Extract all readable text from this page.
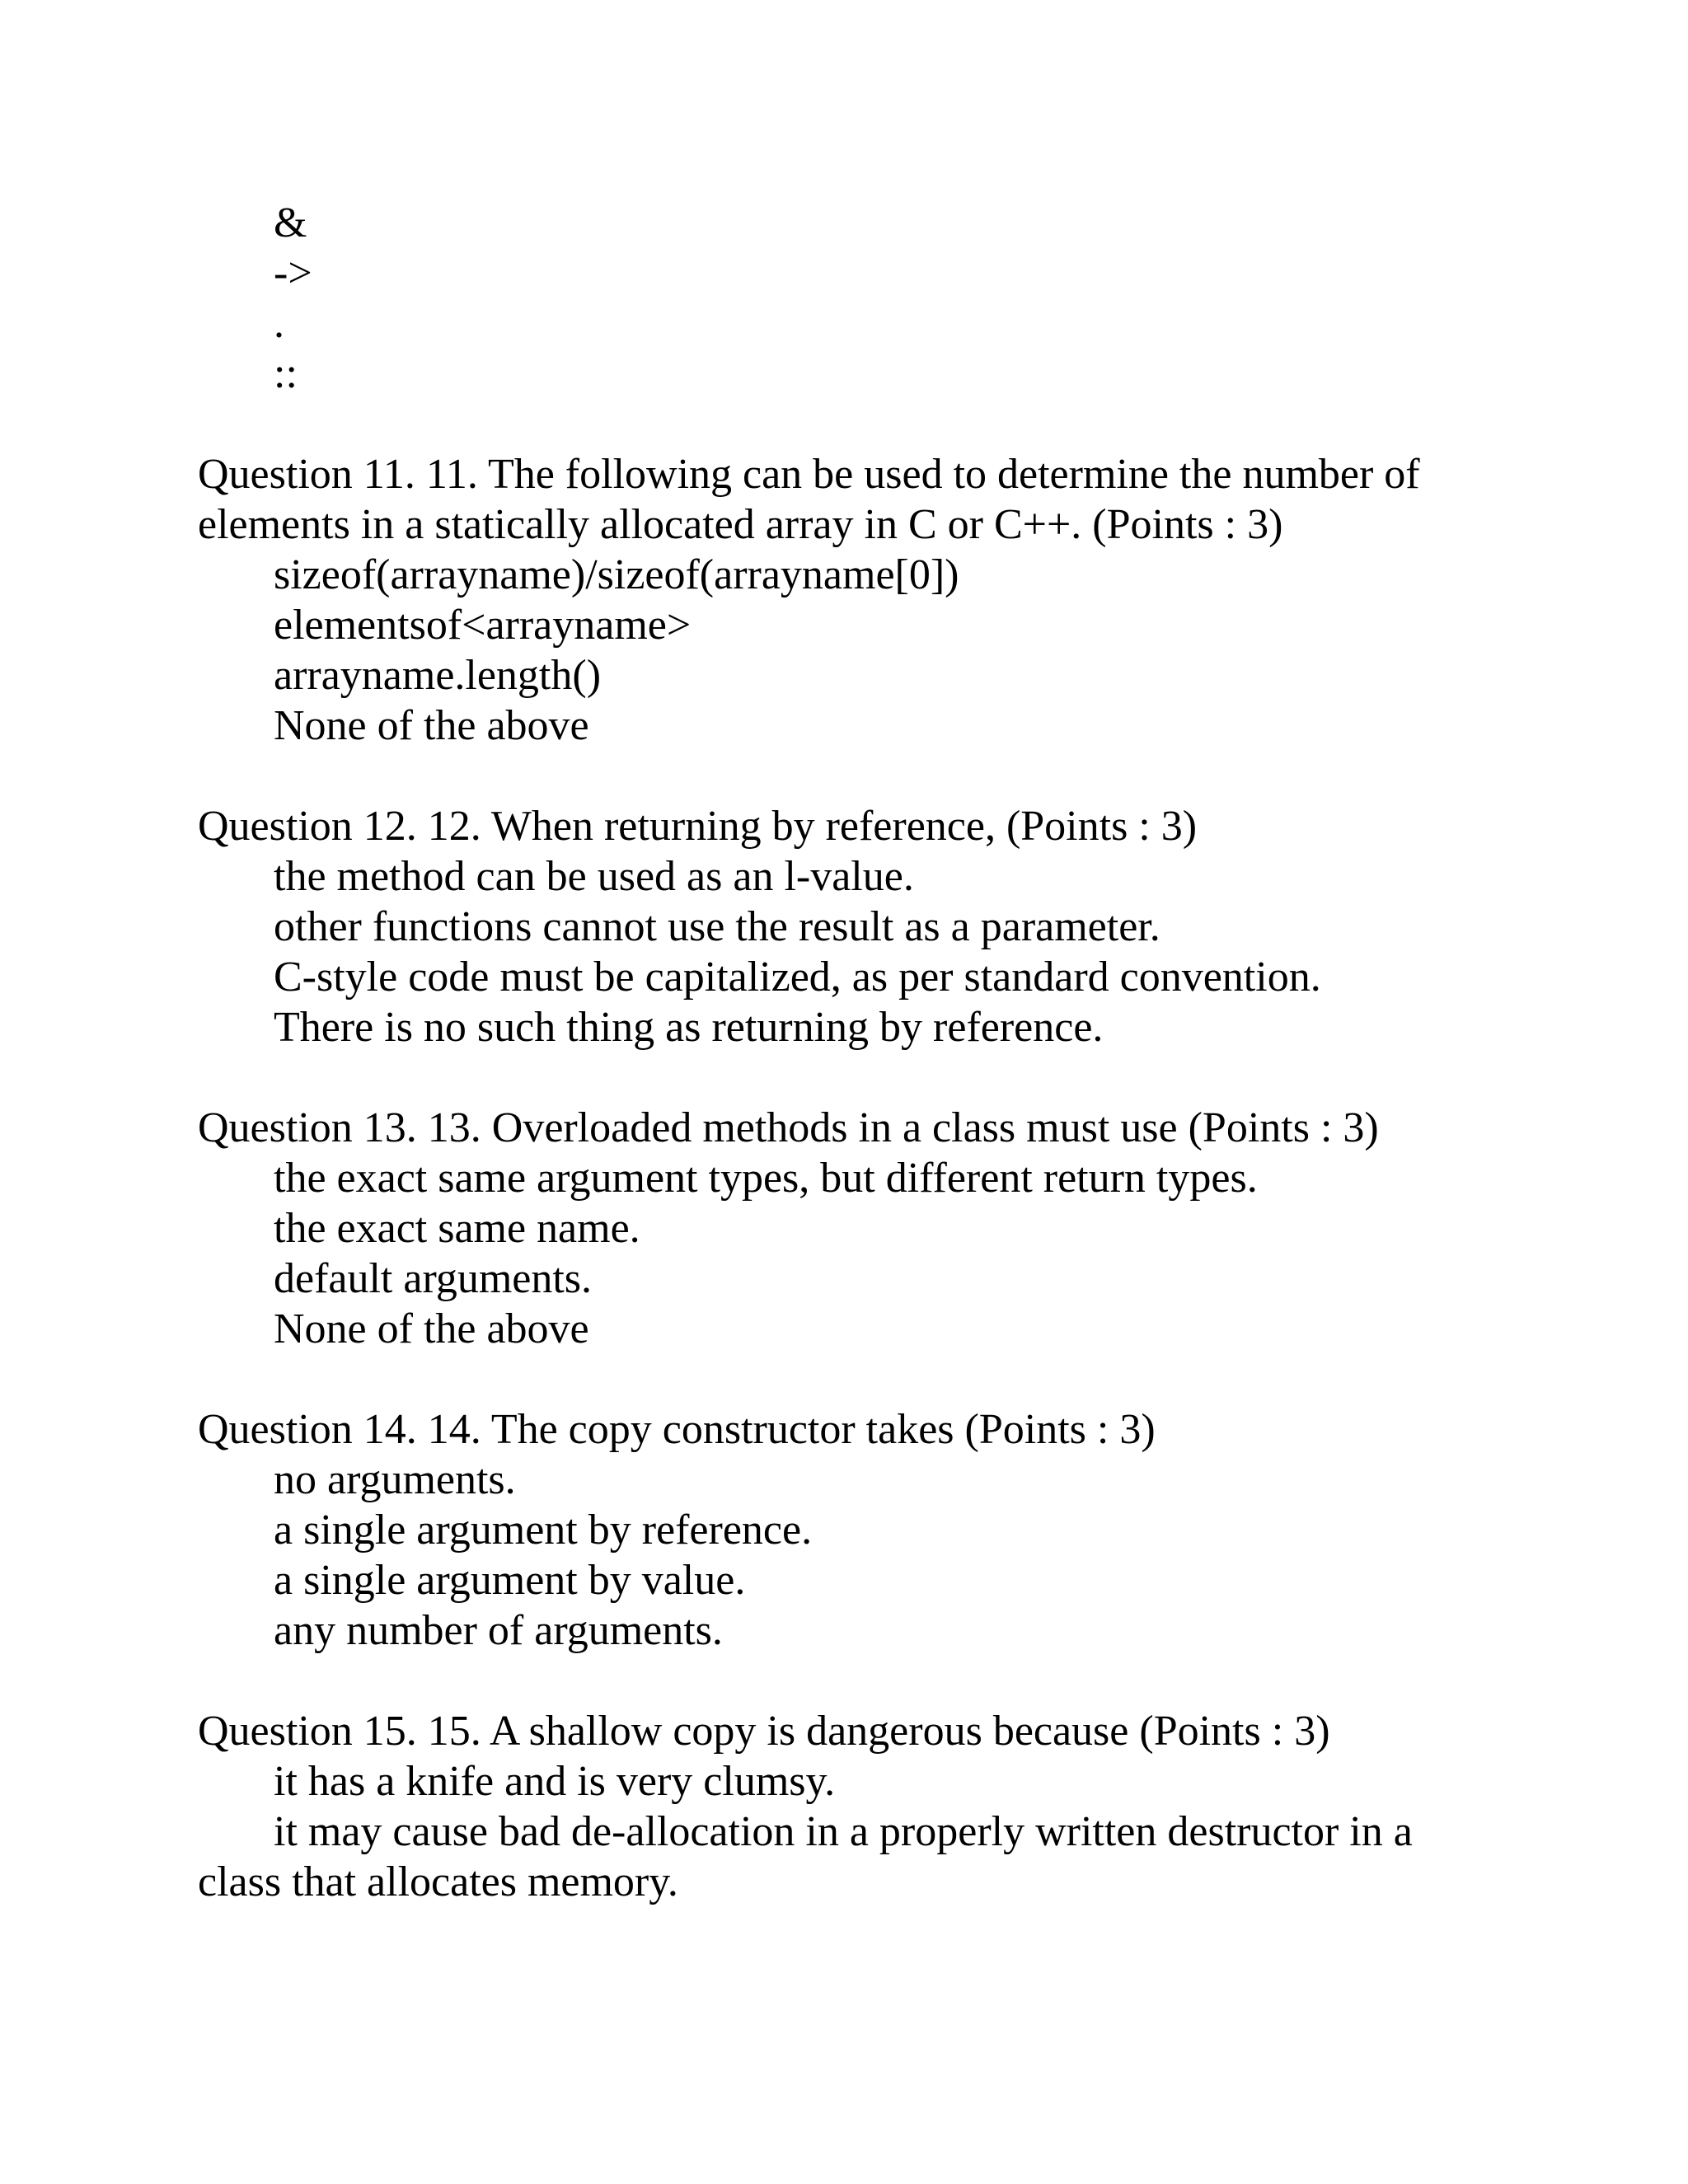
&

->

.

::

Question 11. 11. The following can be used to determine the number of

elements in a statically allocated array in C or C++. (Points : 3)

sizeof(arrayname)/sizeof(arrayname[0])

elementsof<arrayname>

arrayname.length()

None of the above

Question 12. 12. When returning by reference, (Points : 3)

the method can be used as an l-value.

other functions cannot use the result as a parameter.

C-style code must be capitalized, as per standard convention.

There is no such thing as returning by reference.

Question 13. 13. Overloaded methods in a class must use (Points : 3)

the exact same argument types, but different return types.

the exact same name.

default arguments.

None of the above

Question 14. 14. The copy constructor takes (Points : 3)

no arguments.

a single argument by reference.

a single argument by value.

any number of arguments.

Question 15. 15. A shallow copy is dangerous because (Points : 3)

it has a knife and is very clumsy.

it may cause bad de-allocation in a properly written destructor in a

class that allocates memory.
